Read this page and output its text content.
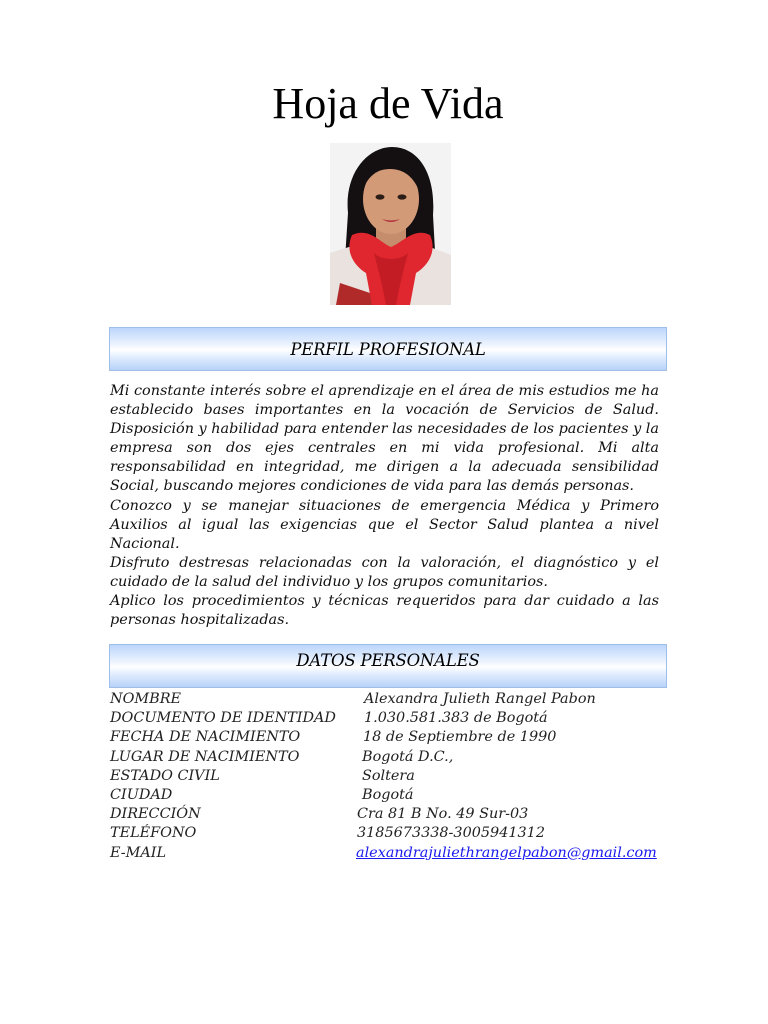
Hoja de Vida
PERFIL PROFESIONAL

Mi constante interés sobre el aprendizaje en el área de mis estudios me ha establecido bases importantes en la vocación de Servicios de Salud. Disposición y habilidad para entender las necesidades de los pacientes y la empresa son dos ejes centrales en mi vida profesional. Mi alta responsabilidad en integridad, me dirigen a la adecuada sensibilidad Social, buscando mejores condiciones de vida para las demás personas.

Conozco y se manejar situaciones de emergencia Médica y Primero Auxilios al igual las exigencias que el Sector Salud plantea a nivel Nacional.

Disfruto destresas relacionadas con la valoración, el diagnóstico y el cuidado de la salud del individuo y los grupos comunitarios.

Aplico los procedimientos y técnicas requeridos para dar cuidado a las personas hospitalizadas.

DATOS PERSONALES
NOMBRE	Alexandra Julieth Rangel Pabon
DOCUMENTO DE IDENTIDAD 1.030.581.383 de Bogotá
FECHA DE NACIMIENTO	18 de Septiembre de 1990
LUGAR DE NACIMIENTO	Bogotá D.C.,
ESTADO CIVIL	Soltera
CIUDAD	Bogotá
DIRECCIÓN	Cra 81 B No. 49 Sur-03
TELÉFONO	3185673338-3005941312
E-MAIL	alexandrajuliethrangelpabon@gmail.com
